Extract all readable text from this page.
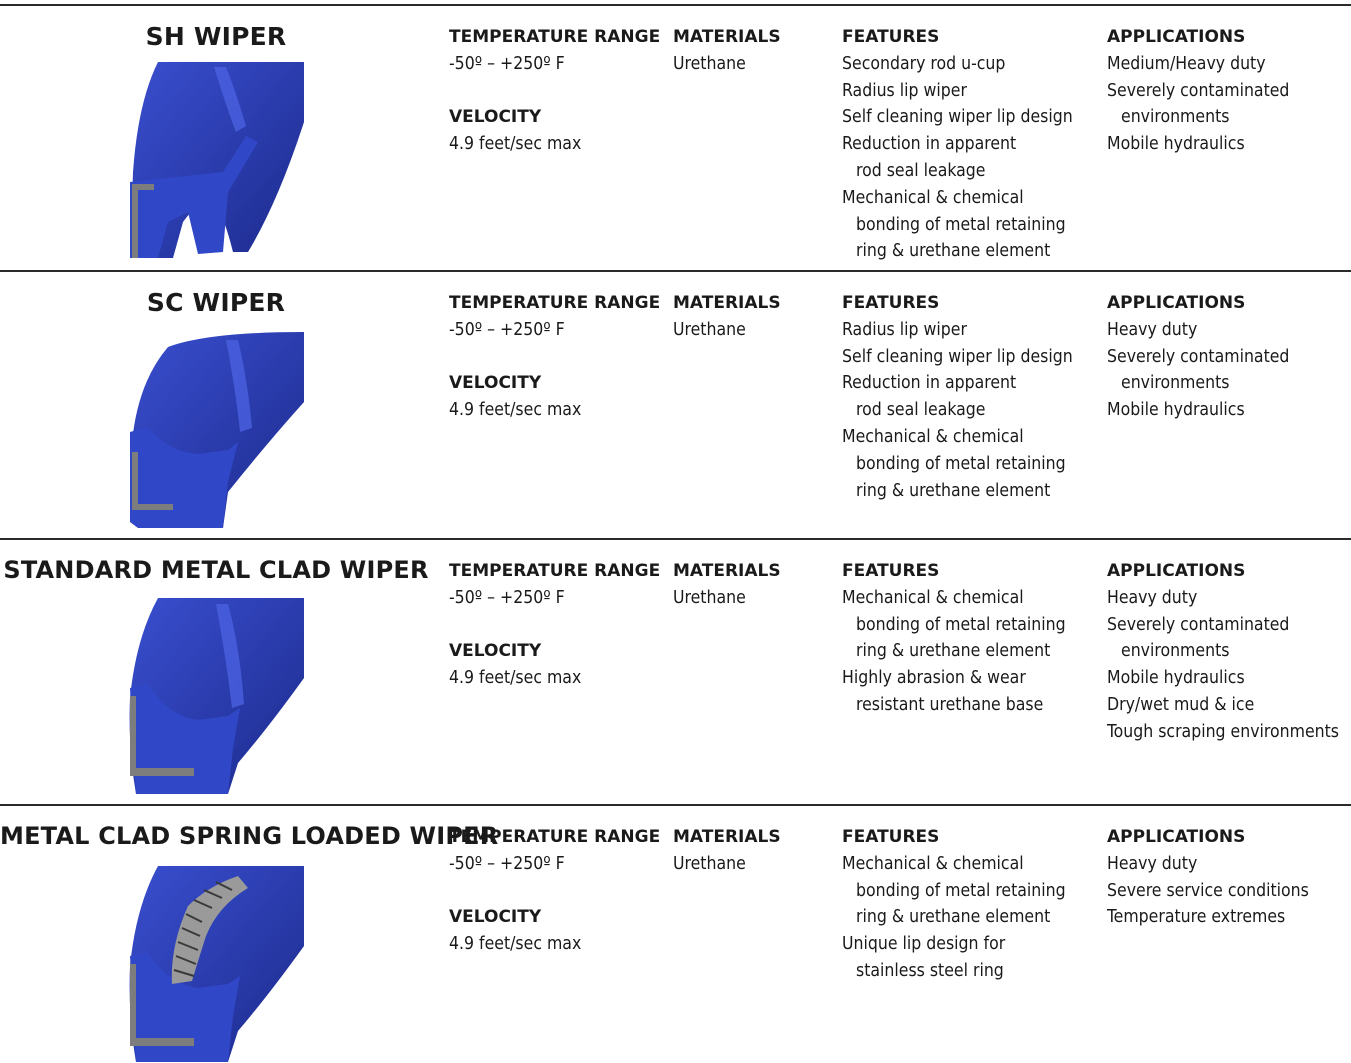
SH WIPER	TEMPERATURE RANGE
-50º – +250º F
VELOCITY
4.9 feet/sec max
MATERIALS
Urethane
FEATURES
Secondary rod u-cup
Radius lip wiper
Self cleaning wiper lip design
Reduction in apparent
rod seal leakage
Mechanical & chemical
bonding of metal retaining
ring & urethane element
APPLICATIONS
Medium/Heavy duty
Severely contaminated
environments
Mobile hydraulics
SC WIPER	TEMPERATURE RANGE
-50º – +250º F
VELOCITY
4.9 feet/sec max
MATERIALS
Urethane
FEATURES
Radius lip wiper
Self cleaning wiper lip design
Reduction in apparent
rod seal leakage
Mechanical & chemical
bonding of metal retaining
ring & urethane element
APPLICATIONS
Heavy duty
Severely contaminated
environments
Mobile hydraulics
STANDARD METAL CLAD WIPER TEMPERATURE RANGE
-50º – +250º F
VELOCITY
4.9 feet/sec max
MATERIALS
Urethane
FEATURES
Mechanical & chemical
bonding of metal retaining
ring & urethane element
Highly abrasion & wear
resistant urethane base
APPLICATIONS
Heavy duty
Severely contaminated
environments
Mobile hydraulics
Dry/wet mud & ice
Tough scraping environments
METAL CLAD SPRING LOADED WIPER
TEMPERATURE RANGE
-50º – +250º F
VELOCITY
4.9 feet/sec max
MATERIALS
Urethane
FEATURES
Mechanical & chemical
bonding of metal retaining
ring & urethane element
Unique lip design for
stainless steel ring
APPLICATIONS
Heavy duty
Severe service conditions
Temperature extremes
